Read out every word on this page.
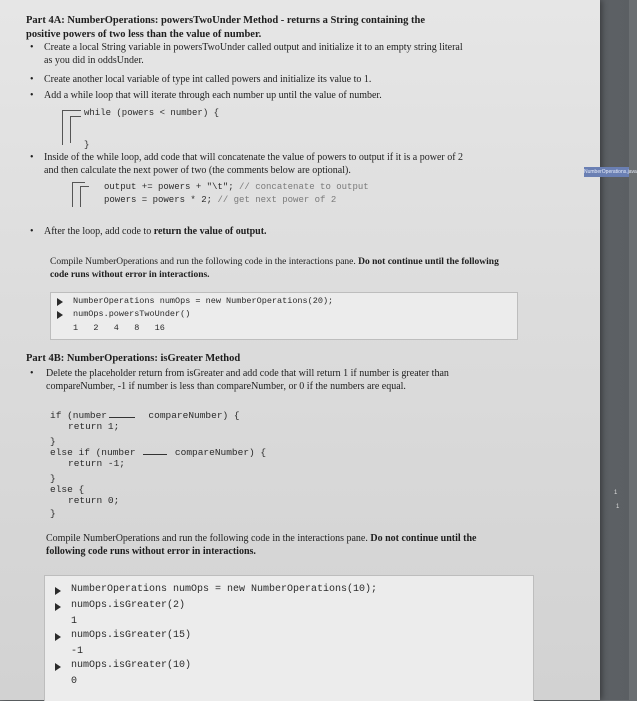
Part 4A: NumberOperations: powersTwoUnder Method - returns a String containing the positive powers of two less than the value of number.
• Create a local String variable in powersTwoUnder called output and initialize it to an empty string literal as you did in oddsUnder.
• Create another local variable of type int called powers and initialize its value to 1.
• Add a while loop that will iterate through each number up until the value of number.
while (powers < number) {
}
• Inside of the while loop, add code that will concatenate the value of powers to output if it is a power of 2 and then calculate the next power of two (the comments below are optional).
output += powers + "\t"; // concatenate to output
powers = powers * 2; // get next power of 2
• After the loop, add code to return the value of output.
Compile NumberOperations and run the following code in the interactions pane. Do not continue until the following code runs without error in interactions.
NumberOperations numOps = new NumberOperations(20);
numOps.powersTwoUnder()
1   2   4   8   16
Part 4B: NumberOperations: isGreater Method
• Delete the placeholder return from isGreater and add code that will return 1 if number is greater than compareNumber, -1 if number is less than compareNumber, or 0 if the numbers are equal.
if (number	compareNumber) {
return 1;
}
else if (number	compareNumber) {
return -1;
}
else {
return 0;
}
Compile NumberOperations and run the following code in the interactions pane. Do not continue until the following code runs without error in interactions.
NumberOperations numOps = new NumberOperations(10);
numOps.isGreater(2)
1
numOps.isGreater(15)
-1
numOps.isGreater(10)
0
NumberOperations.java
1
1
